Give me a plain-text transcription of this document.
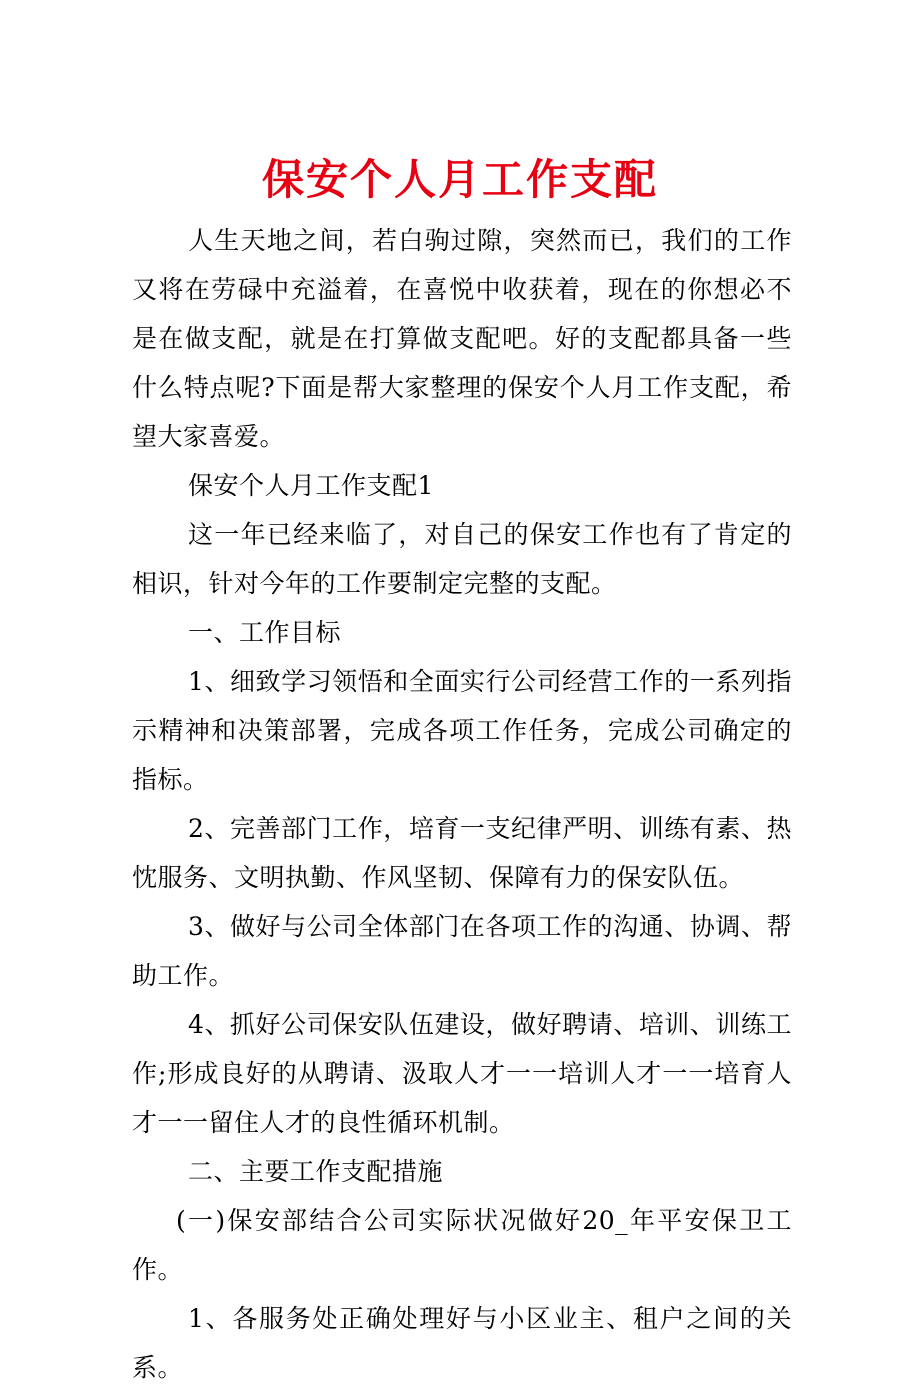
保安个人月工作支配

人生天地之间，若白驹过隙，突然而已，我们的工作又将在劳碌中充溢着，在喜悦中收获着，现在的你想必不是在做支配，就是在打算做支配吧。好的支配都具备一些什么特点呢?下面是帮大家整理的保安个人月工作支配，希望大家喜爱。

保安个人月工作支配1

这一年已经来临了，对自己的保安工作也有了肯定的相识，针对今年的工作要制定完整的支配。

一、工作目标

1、细致学习领悟和全面实行公司经营工作的一系列指示精神和决策部署，完成各项工作任务，完成公司确定的指标。

2、完善部门工作，培育一支纪律严明、训练有素、热忱服务、文明执勤、作风坚韧、保障有力的保安队伍。

3、做好与公司全体部门在各项工作的沟通、协调、帮助工作。

4、抓好公司保安队伍建设，做好聘请、培训、训练工作;形成良好的从聘请、汲取人才一一培训人才一一培育人才一一留住人才的良性循环机制。

二、主要工作支配措施

(一)保安部结合公司实际状况做好20_年平安保卫工作。

1、各服务处正确处理好与小区业主、租户之间的关系。
